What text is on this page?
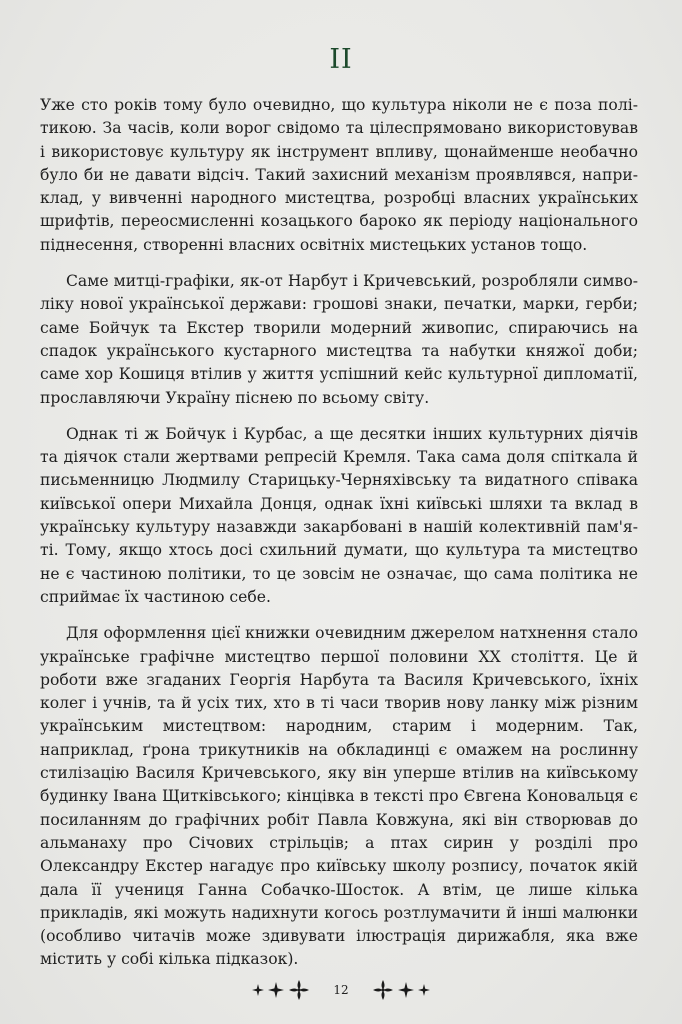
II

Уже сто років тому було очевидно, що культура ніколи не є поза політикою. За часів, коли ворог свідомо та цілеспрямовано використовував і використовує культуру як інструмент впливу, щонайменше необачно було би не давати відсіч. Такий захисний механізм проявлявся, наприклад, у вивченні народного мистецтва, розробці власних українських шрифтів, переосмисленні козацького бароко як періоду національного піднесення, створенні власних освітніх мистецьких установ тощо.

Саме митці-графіки, як-от Нарбут і Кричевський, розробляли символіку нової української держави: грошові знаки, печатки, марки, герби; саме Бойчук та Екстер творили модерний живопис, спираючись на спадок українського кустарного мистецтва та набутки княжої доби; саме хор Кошиця втілив у життя успішний кейс культурної дипломатії, прославляючи Україну піснею по всьому світу.

Однак ті ж Бойчук і Курбас, а ще десятки інших культурних діячів та діячок стали жертвами репресій Кремля. Така сама доля спіткала й письменницю Людмилу Старицьку-Черняхівську та видатного співака київської опери Михайла Донця, однак їхні київські шляхи та вклад в українську культуру назавжди закарбовані в нашій колективній пам'яті. Тому, якщо хтось досі схильний думати, що культура та мистецтво не є частиною політики, то це зовсім не означає, що сама політика не сприймає їх частиною себе.

Для оформлення цієї книжки очевидним джерелом натхнення стало українське графічне мистецтво першої половини XX століття. Це й роботи вже згаданих Георгія Нарбута та Василя Кричевського, їхніх колег і учнів, та й усіх тих, хто в ті часи творив нову ланку між різним українським мистецтвом: народним, старим і модерним. Так, наприклад, ґрона трикутників на обкладинці є омажем на рослинну стилізацію Василя Кричевського, яку він уперше втілив на київському будинку Івана Щитківського; кінцівка в тексті про Євгена Коновальця є посиланням до графічних робіт Павла Ковжуна, які він створював до альманаху про Січових стрільців; а птах сирин у розділі про Олександру Екстер нагадує про київську школу розпису, початок якій дала її учениця Ганна Собачко-Шосток. А втім, це лише кілька прикладів, які можуть надихнути когось розтлумачити й інші малюнки (особливо читачів може здивувати ілюстрація дирижабля, яка вже містить у собі кілька підказок).

12
